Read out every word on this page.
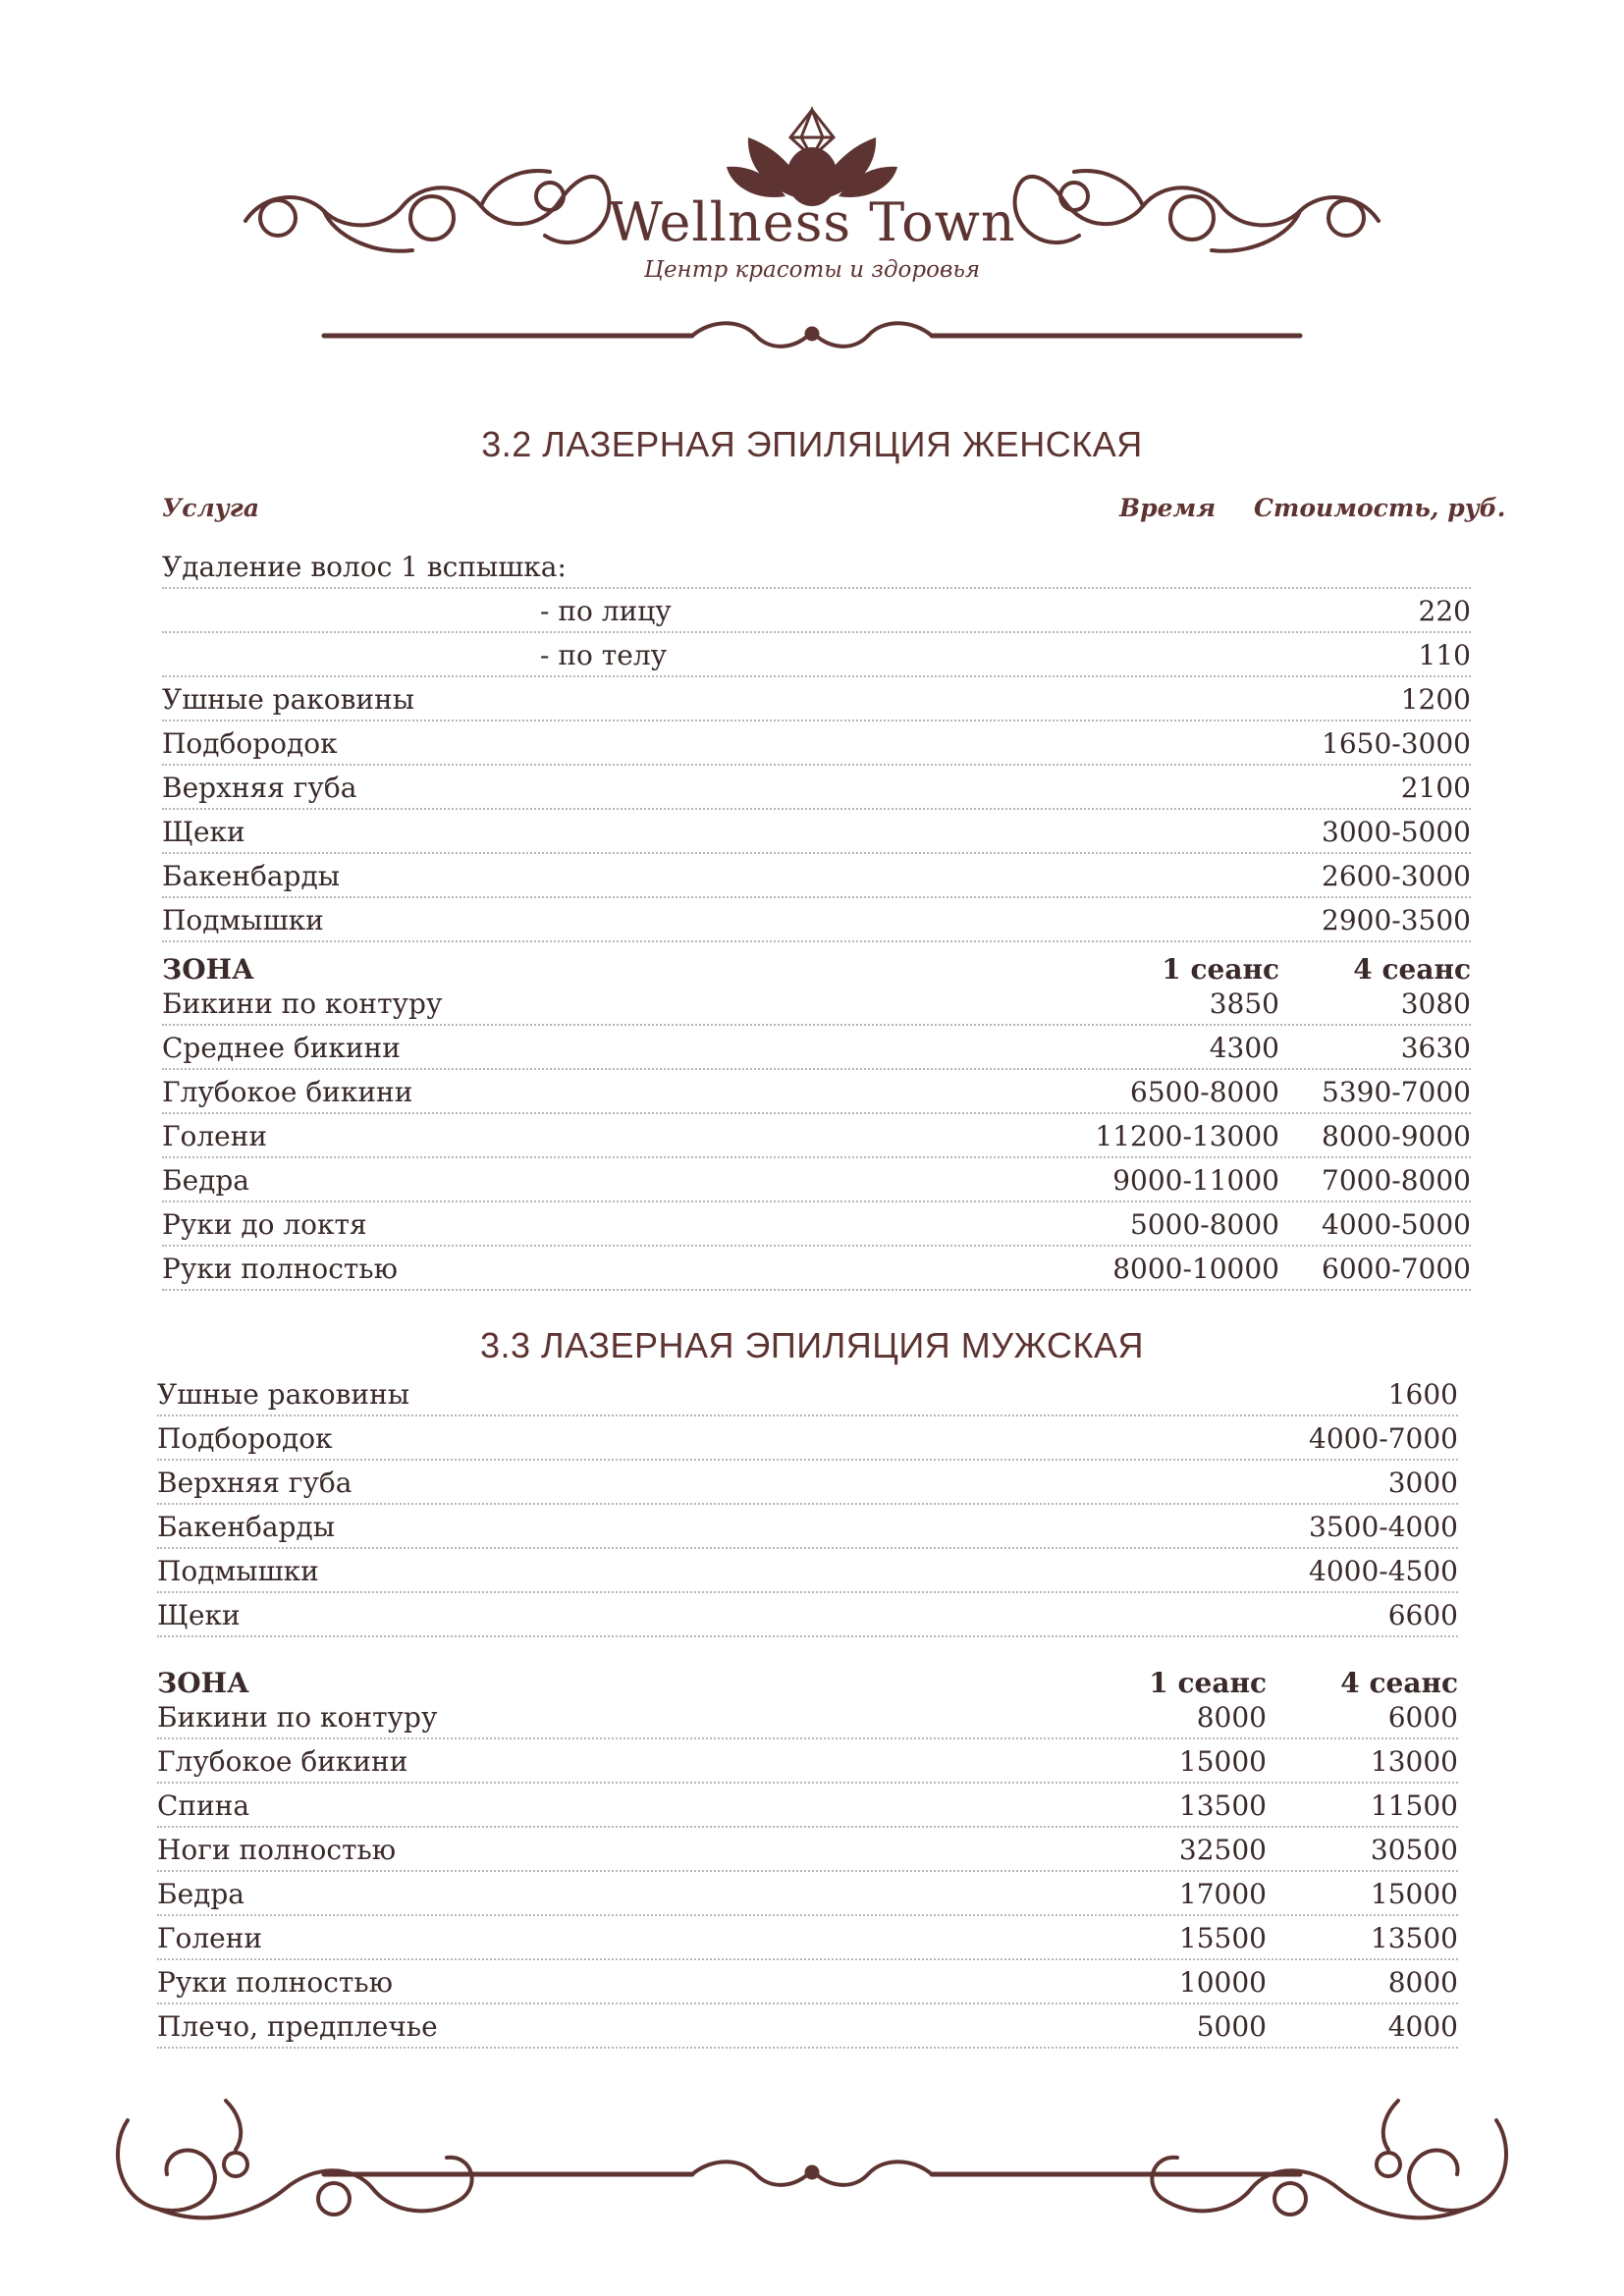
Wellness Town
Центр красоты и здоровья
3.2 ЛАЗЕРНАЯ ЭПИЛЯЦИЯ ЖЕНСКАЯ
Услуга	Время Стоимость, руб.
Удаление волос 1 вспышка:
- по лицу	220
- по телу	110
Ушные раковины	1200
Подбородок	1650-3000
Верхняя губа	2100
Щеки	3000-5000
Бакенбарды	2600-3000
Подмышки	2900-3500
ЗОНА	1 сеанс	4 сеанс
Бикини по контуру	3850	3080
Среднее бикини	4300	3630
Глубокое бикини	6500-8000 5390-7000
Голени	11200-13000 8000-9000
Бедра	9000-11000 7000-8000
Руки до локтя	5000-8000 4000-5000
Руки полностью	8000-10000 6000-7000
3.3 ЛАЗЕРНАЯ ЭПИЛЯЦИЯ МУЖСКАЯ
Ушные раковины	1600
Подбородок	4000-7000
Верхняя губа	3000
Бакенбарды	3500-4000
Подмышки	4000-4500
Щеки	6600
ЗОНА	1 сеанс	4 сеанс
Бикини по контуру	8000	6000
Глубокое бикини	15000	13000
Спина	13500	11500
Ноги полностью	32500	30500
Бедра	17000	15000
Голени	15500	13500
Руки полностью	10000	8000
Плечо, предплечье	5000	4000
